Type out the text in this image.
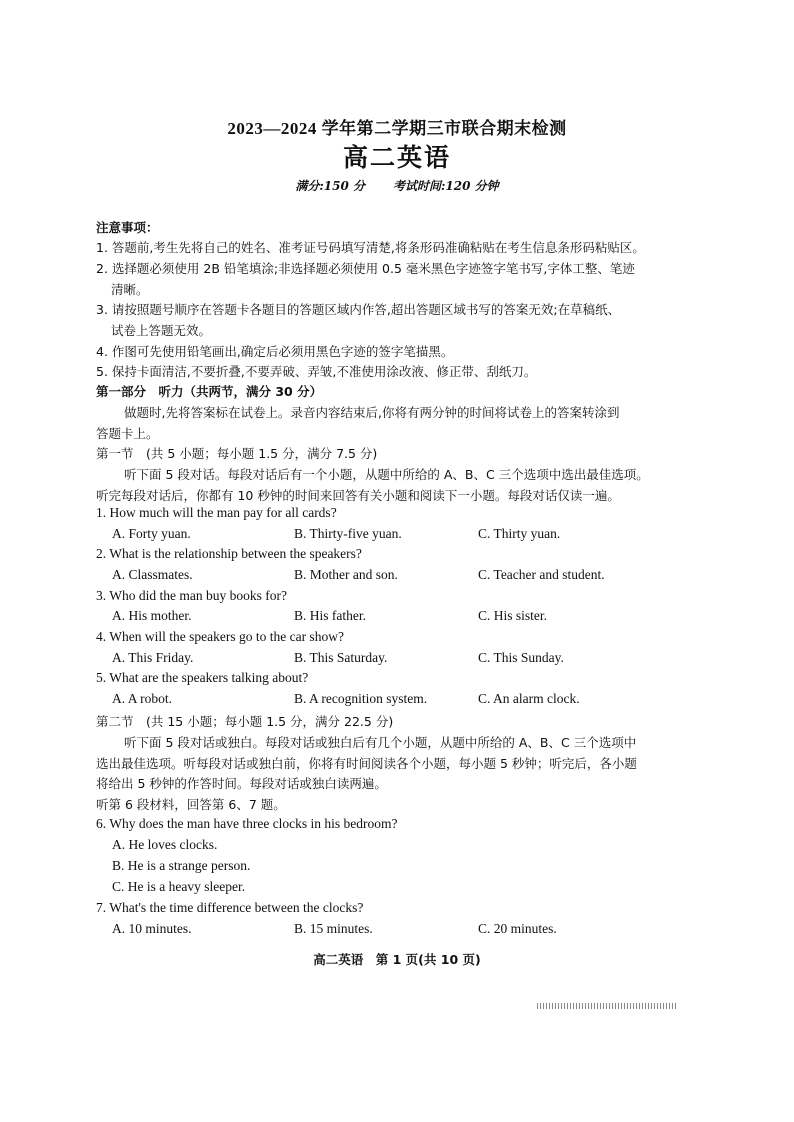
2023—2024 学年第二学期三市联合期末检测
高二英语
满分:150 分 考试时间:120 分钟
注意事项：
1. 答题前,考生先将自己的姓名、准考证号码填写清楚,将条形码准确粘贴在考生信息条形码粘贴区。
2. 选择题必须使用 2B 铅笔填涂;非选择题必须使用 0.5 毫米黑色字迹签字笔书写,字体工整、笔迹
清晰。
3. 请按照题号顺序在答题卡各题目的答题区域内作答,超出答题区域书写的答案无效;在草稿纸、
试卷上答题无效。
4. 作图可先使用铅笔画出,确定后必须用黑色字迹的签字笔描黑。
5. 保持卡面清洁,不要折叠,不要弄破、弄皱,不准使用涂改液、修正带、刮纸刀。
第一部分　听力（共两节，满分 30 分）
做题时,先将答案标在试卷上。录音内容结束后,你将有两分钟的时间将试卷上的答案转涂到
答题卡上。
第一节　(共 5 小题；每小题 1.5 分，满分 7.5 分)
听下面 5 段对话。每段对话后有一个小题，从题中所给的 A、B、C 三个选项中选出最佳选项。
听完每段对话后，你都有 10 秒钟的时间来回答有关小题和阅读下一小题。每段对话仅读一遍。
1. How much will the man pay for all cards?
A. Forty yuan.	B. Thirty-five yuan.	C. Thirty yuan.
2. What is the relationship between the speakers?
A. Classmates.	B. Mother and son.	C. Teacher and student.
3. Who did the man buy books for?
A. His mother.	B. His father.	C. His sister.
4. When will the speakers go to the car show?
A. This Friday.	B. This Saturday.	C. This Sunday.
5. What are the speakers talking about?
A. A robot.	B. A recognition system.	C. An alarm clock.
第二节　(共 15 小题；每小题 1.5 分，满分 22.5 分)
听下面 5 段对话或独白。每段对话或独白后有几个小题，从题中所给的 A、B、C 三个选项中
选出最佳选项。听每段对话或独白前，你将有时间阅读各个小题，每小题 5 秒钟；听完后，各小题
将给出 5 秒钟的作答时间。每段对话或独白读两遍。
听第 6 段材料，回答第 6、7 题。
6. Why does the man have three clocks in his bedroom?
A. He loves clocks.
B. He is a strange person.
C. He is a heavy sleeper.
7. What's the time difference between the clocks?
A. 10 minutes.	B. 15 minutes.	C. 20 minutes.
高二英语　第 1 页(共 10 页)
